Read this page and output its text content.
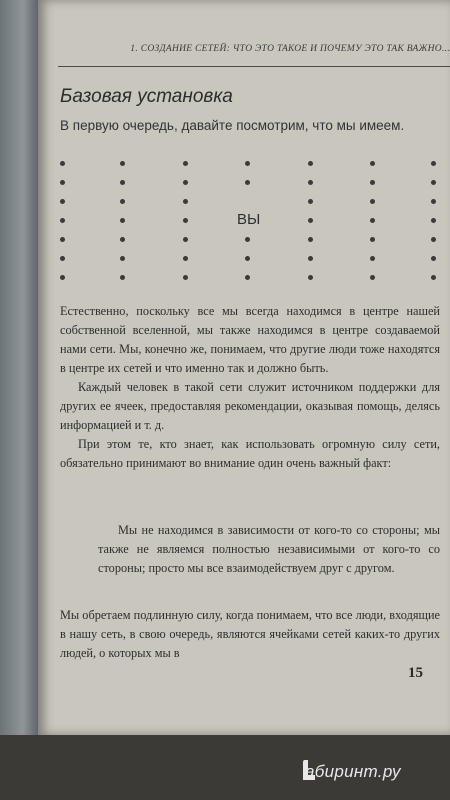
1. СОЗДАНИЕ СЕТЕЙ: ЧТО ЭТО ТАКОЕ И ПОЧЕМУ ЭТО ТАК ВАЖНО...
Базовая установка
В первую очередь, давайте посмотрим, что мы имеем.
ВЫ
Естественно, поскольку все мы всегда находимся в центре нашей собственной вселенной, мы также находимся в центре создаваемой нами сети. Мы, конечно же, понимаем, что другие люди тоже находятся в центре их сетей и что именно так и должно быть.
Каждый человек в такой сети служит источником поддержки для других ее ячеек, предоставляя рекомендации, оказывая помощь, делясь информацией и т. д.
При этом те, кто знает, как использовать огромную силу сети, обязательно принимают во внимание один очень важный факт:
Мы не находимся в зависимости от кого-то со стороны; мы также не являемся полностью независимыми от кого-то со стороны; просто мы все взаимодействуем друг с другом.
Мы обретаем подлинную силу, когда понимаем, что все люди, входящие в нашу сеть, в свою очередь, являются ячейками сетей каких-то других людей, о которых мы в
15
абиринт.ру
